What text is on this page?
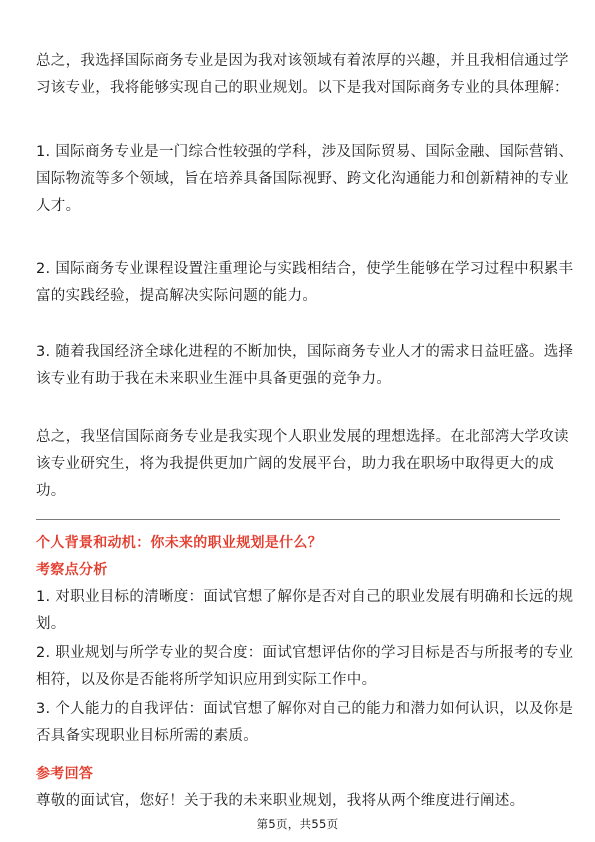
总之，我选择国际商务专业是因为我对该领域有着浓厚的兴趣，并且我相信通过学
习该专业，我将能够实现自己的职业规划。以下是我对国际商务专业的具体理解：

1. 国际商务专业是一门综合性较强的学科，涉及国际贸易、国际金融、国际营销、
国际物流等多个领域，旨在培养具备国际视野、跨文化沟通能力和创新精神的专业
人才。

2. 国际商务专业课程设置注重理论与实践相结合，使学生能够在学习过程中积累丰
富的实践经验，提高解决实际问题的能力。

3. 随着我国经济全球化进程的不断加快，国际商务专业人才的需求日益旺盛。选择
该专业有助于我在未来职业生涯中具备更强的竞争力。

总之，我坚信国际商务专业是我实现个人职业发展的理想选择。在北部湾大学攻读
该专业研究生，将为我提供更加广阔的发展平台，助力我在职场中取得更大的成
功。

个人背景和动机：你未来的职业规划是什么？
考察点分析

1. 对职业目标的清晰度：面试官想了解你是否对自己的职业发展有明确和长远的规
划。

2. 职业规划与所学专业的契合度：面试官想评估你的学习目标是否与所报考的专业
相符，以及你是否能将所学知识应用到实际工作中。

3. 个人能力的自我评估：面试官想了解你对自己的能力和潜力如何认识，以及你是
否具备实现职业目标所需的素质。

参考回答

尊敬的面试官，您好！关于我的未来职业规划，我将从两个维度进行阐述。

第5页，共55页
